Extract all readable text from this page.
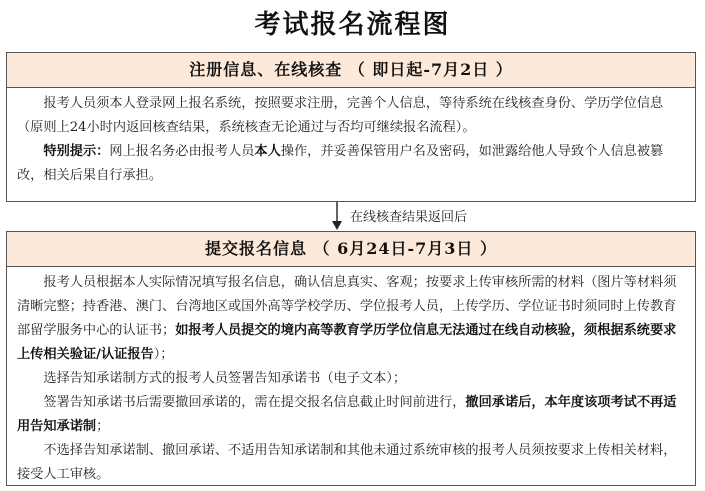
考试报名流程图
注册信息、在线核查 （ 即日起-7月2日 ）

报考人员须本人登录网上报名系统，按照要求注册，完善个人信息，等待系统在线核查身份、学历学位信息（原则上24小时内返回核查结果，系统核查无论通过与否均可继续报名流程）。

特别提示：网上报名务必由报考人员本人操作，并妥善保管用户名及密码，如泄露给他人导致个人信息被篡改，相关后果自行承担。

在线核查结果返回后
提交报名信息 （ 6月24日-7月3日 ）

报考人员根据本人实际情况填写报名信息，确认信息真实、客观；按要求上传审核所需的材料（图片等材料须清晰完整；持香港、澳门、台湾地区或国外高等学校学历、学位报考人员，上传学历、学位证书时须同时上传教育部留学服务中心的认证书；如报考人员提交的境内高等教育学历学位信息无法通过在线自动核验，须根据系统要求上传相关验证/认证报告）；

选择告知承诺制方式的报考人员签署告知承诺书（电子文本）；

签署告知承诺书后需要撤回承诺的，需在提交报名信息截止时间前进行，撤回承诺后，本年度该项考试不再适用告知承诺制；

不选择告知承诺制、撤回承诺、不适用告知承诺制和其他未通过系统审核的报考人员须按要求上传相关材料，接受人工审核。
